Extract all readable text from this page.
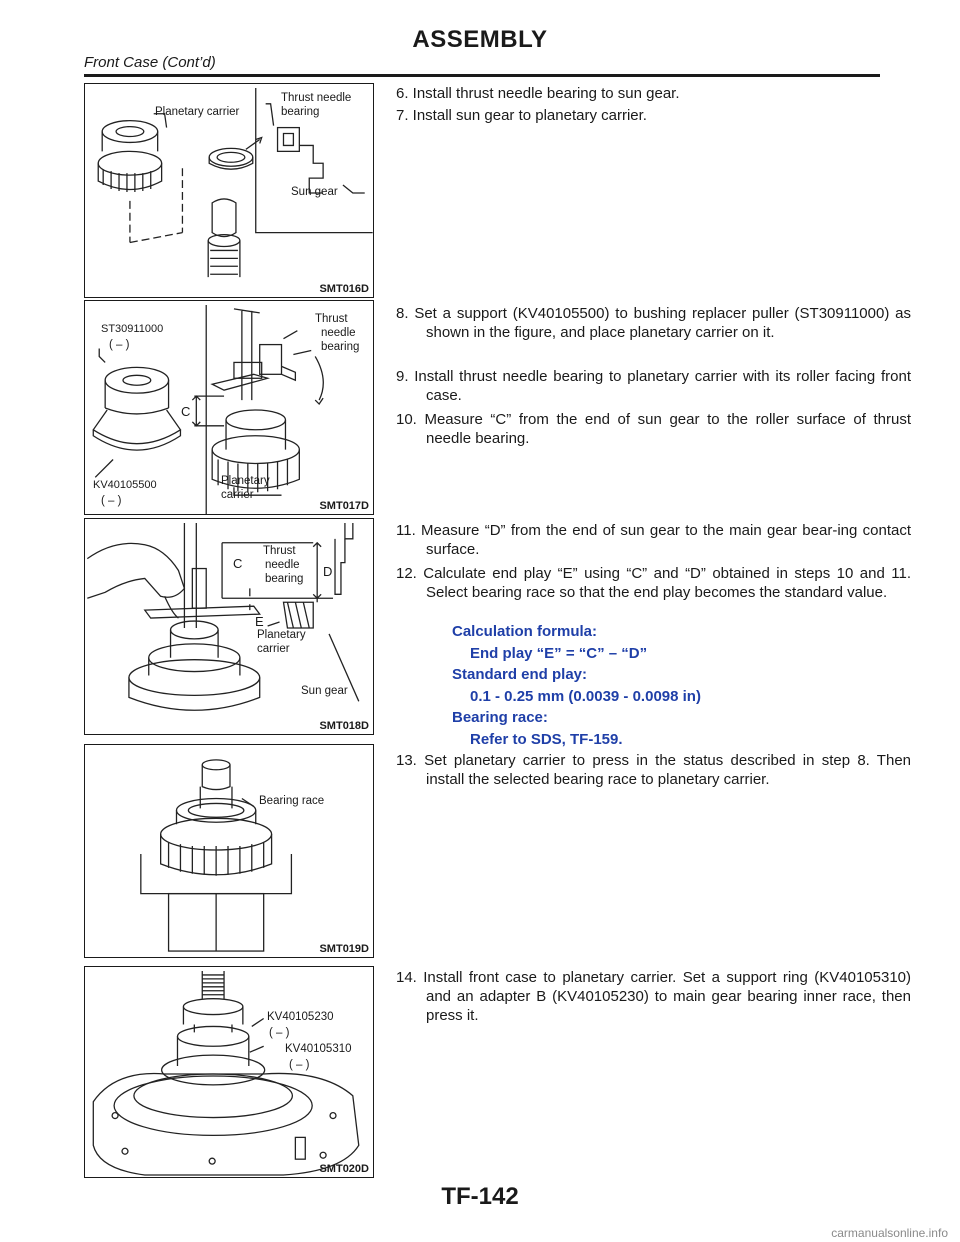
ASSEMBLY
Front Case (Cont’d)
Planetary carrier
Thrust needle
bearing
Sun gear
SMT016D
ST30911000
( – )
KV40105500
( – )
Thrust
needle
bearing
C
Planetary
carrier
SMT017D
C
Thrust
needle
bearing D
E
Planetary
carrier
Sun gear
SMT018D
Bearing race
SMT019D
KV40105230
( – )
KV40105310
( – )
SMT020D
6. Install thrust needle bearing to sun gear.
7. Install sun gear to planetary carrier.
8. Set a support (KV40105500) to bushing replacer puller (ST30911000) as shown in the figure, and place planetary carrier on it.
9. Install thrust needle bearing to planetary carrier with its roller facing front case.
10. Measure “C” from the end of sun gear to the roller surface of thrust needle bearing.
11. Measure “D” from the end of sun gear to the main gear bear-ing contact surface.
12. Calculate end play “E” using “C” and “D” obtained in steps 10 and 11. Select bearing race so that the end play becomes the standard value.
Calculation formula:
End play “E” = “C” – “D”
Standard end play:
0.1 - 0.25 mm (0.0039 - 0.0098 in)
Bearing race:
Refer to SDS, TF-159.
13. Set planetary carrier to press in the status described in step 8. Then install the selected bearing race to planetary carrier.
14. Install front case to planetary carrier. Set a support ring (KV40105310) and an adapter B (KV40105230) to main gear bearing inner race, then press it.
TF-142
carmanualsonline.info
